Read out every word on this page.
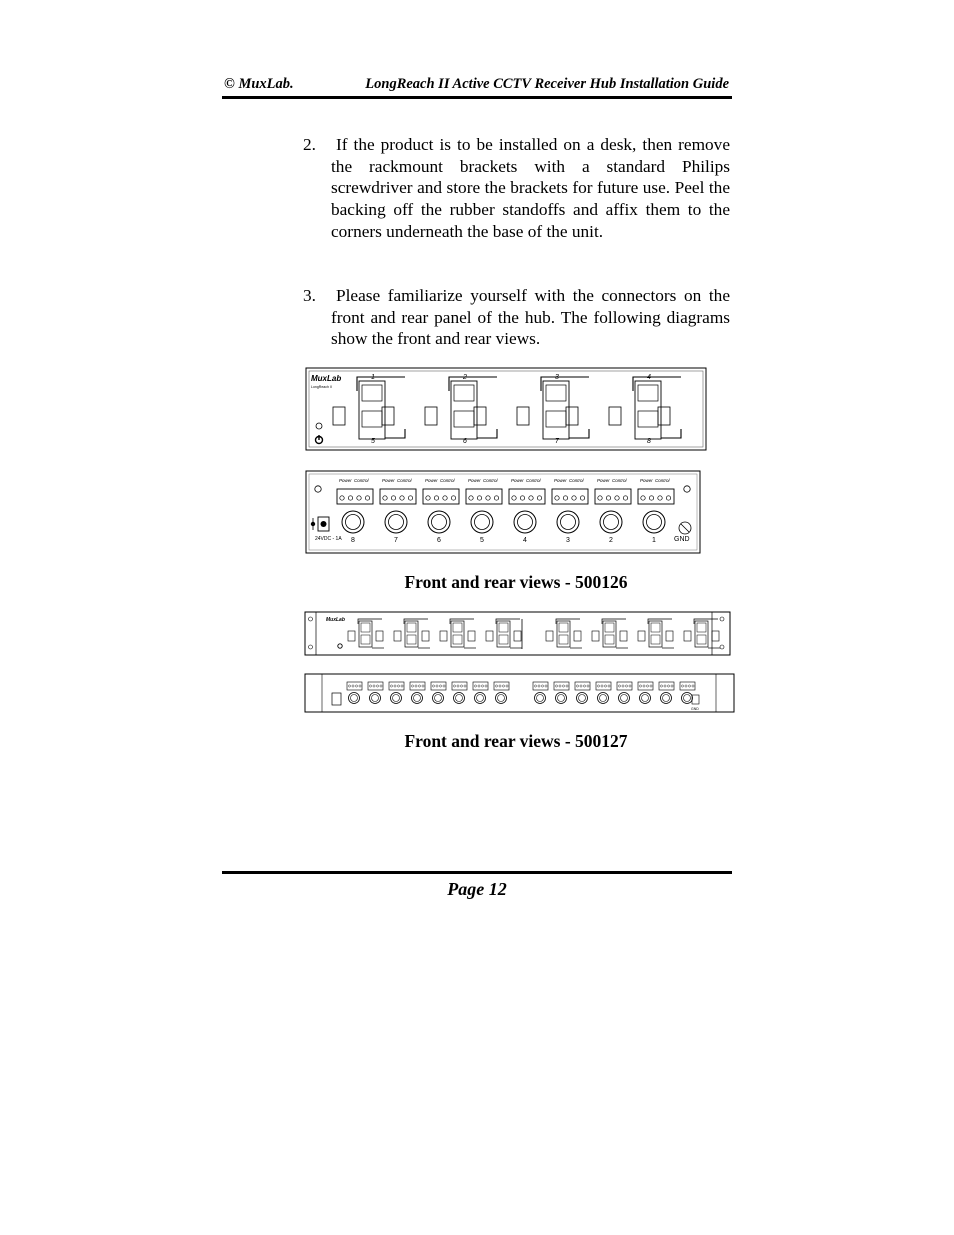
© MuxLab.	LongReach II Active CCTV Receiver Hub Installation Guide
2. If the product is to be installed on a desk, then remove the rackmount brackets with a standard Philips screwdriver and store the brackets for future use. Peel the backing off the rubber standoffs and affix them to the corners underneath the base of the unit.
3. Please familiarize yourself with the connectors on the front and rear panel of the hub. The following diagrams show the front and rear views.
MuxLab
LongReach II
1
5
2
6
3
7
4
8
24VDC - 1A	GND
Power Control
8
Power Control
7
Power Control
6
Power Control
5
Power Control
4
Power Control
3
Power Control
2
Power Control
1
Front and rear views - 500126
MuxLab
GND
Front and rear views - 500127
Page 12
